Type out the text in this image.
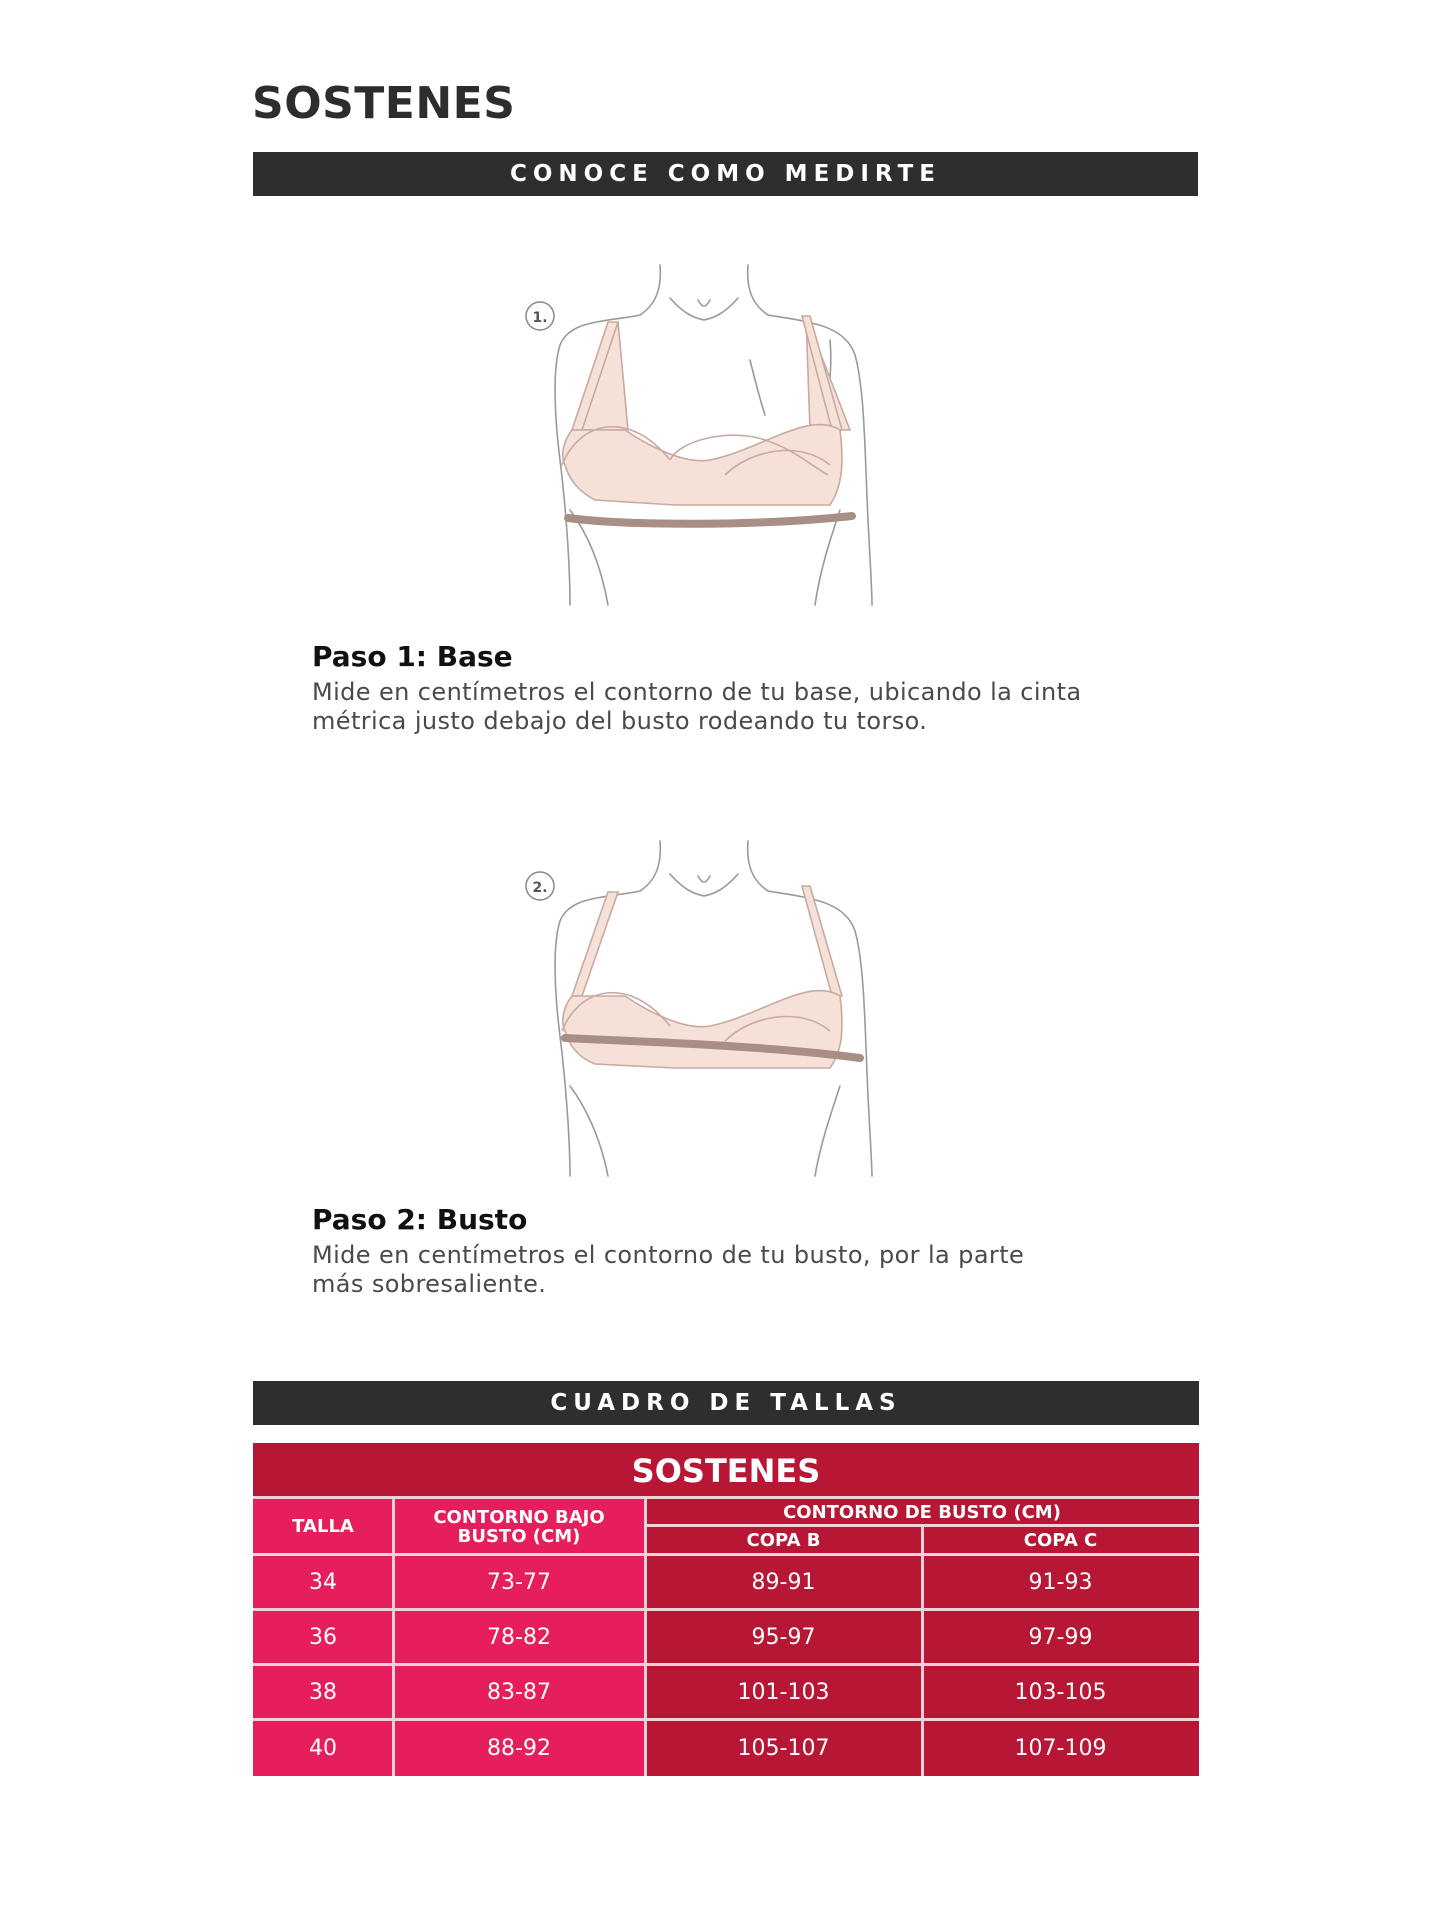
SOSTENES
CONOCE COMO MEDIRTE
1.

Paso 1: Base

Mide en centímetros el contorno de tu base, ubicando la cinta

métrica justo debajo del busto rodeando tu torso.

2.

Paso 2: Busto

Mide en centímetros el contorno de tu busto, por la parte

más sobresaliente.

CUADRO DE TALLAS
SOSTENES
TALLA	CONTORNO BAJO
BUSTO (CM)
CONTORNO DE BUSTO (CM)
COPA B	COPA C
34	73-77	89-91	91-93
36	78-82	95-97	97-99
38	83-87	101-103	103-105
40	88-92	105-107	107-109
